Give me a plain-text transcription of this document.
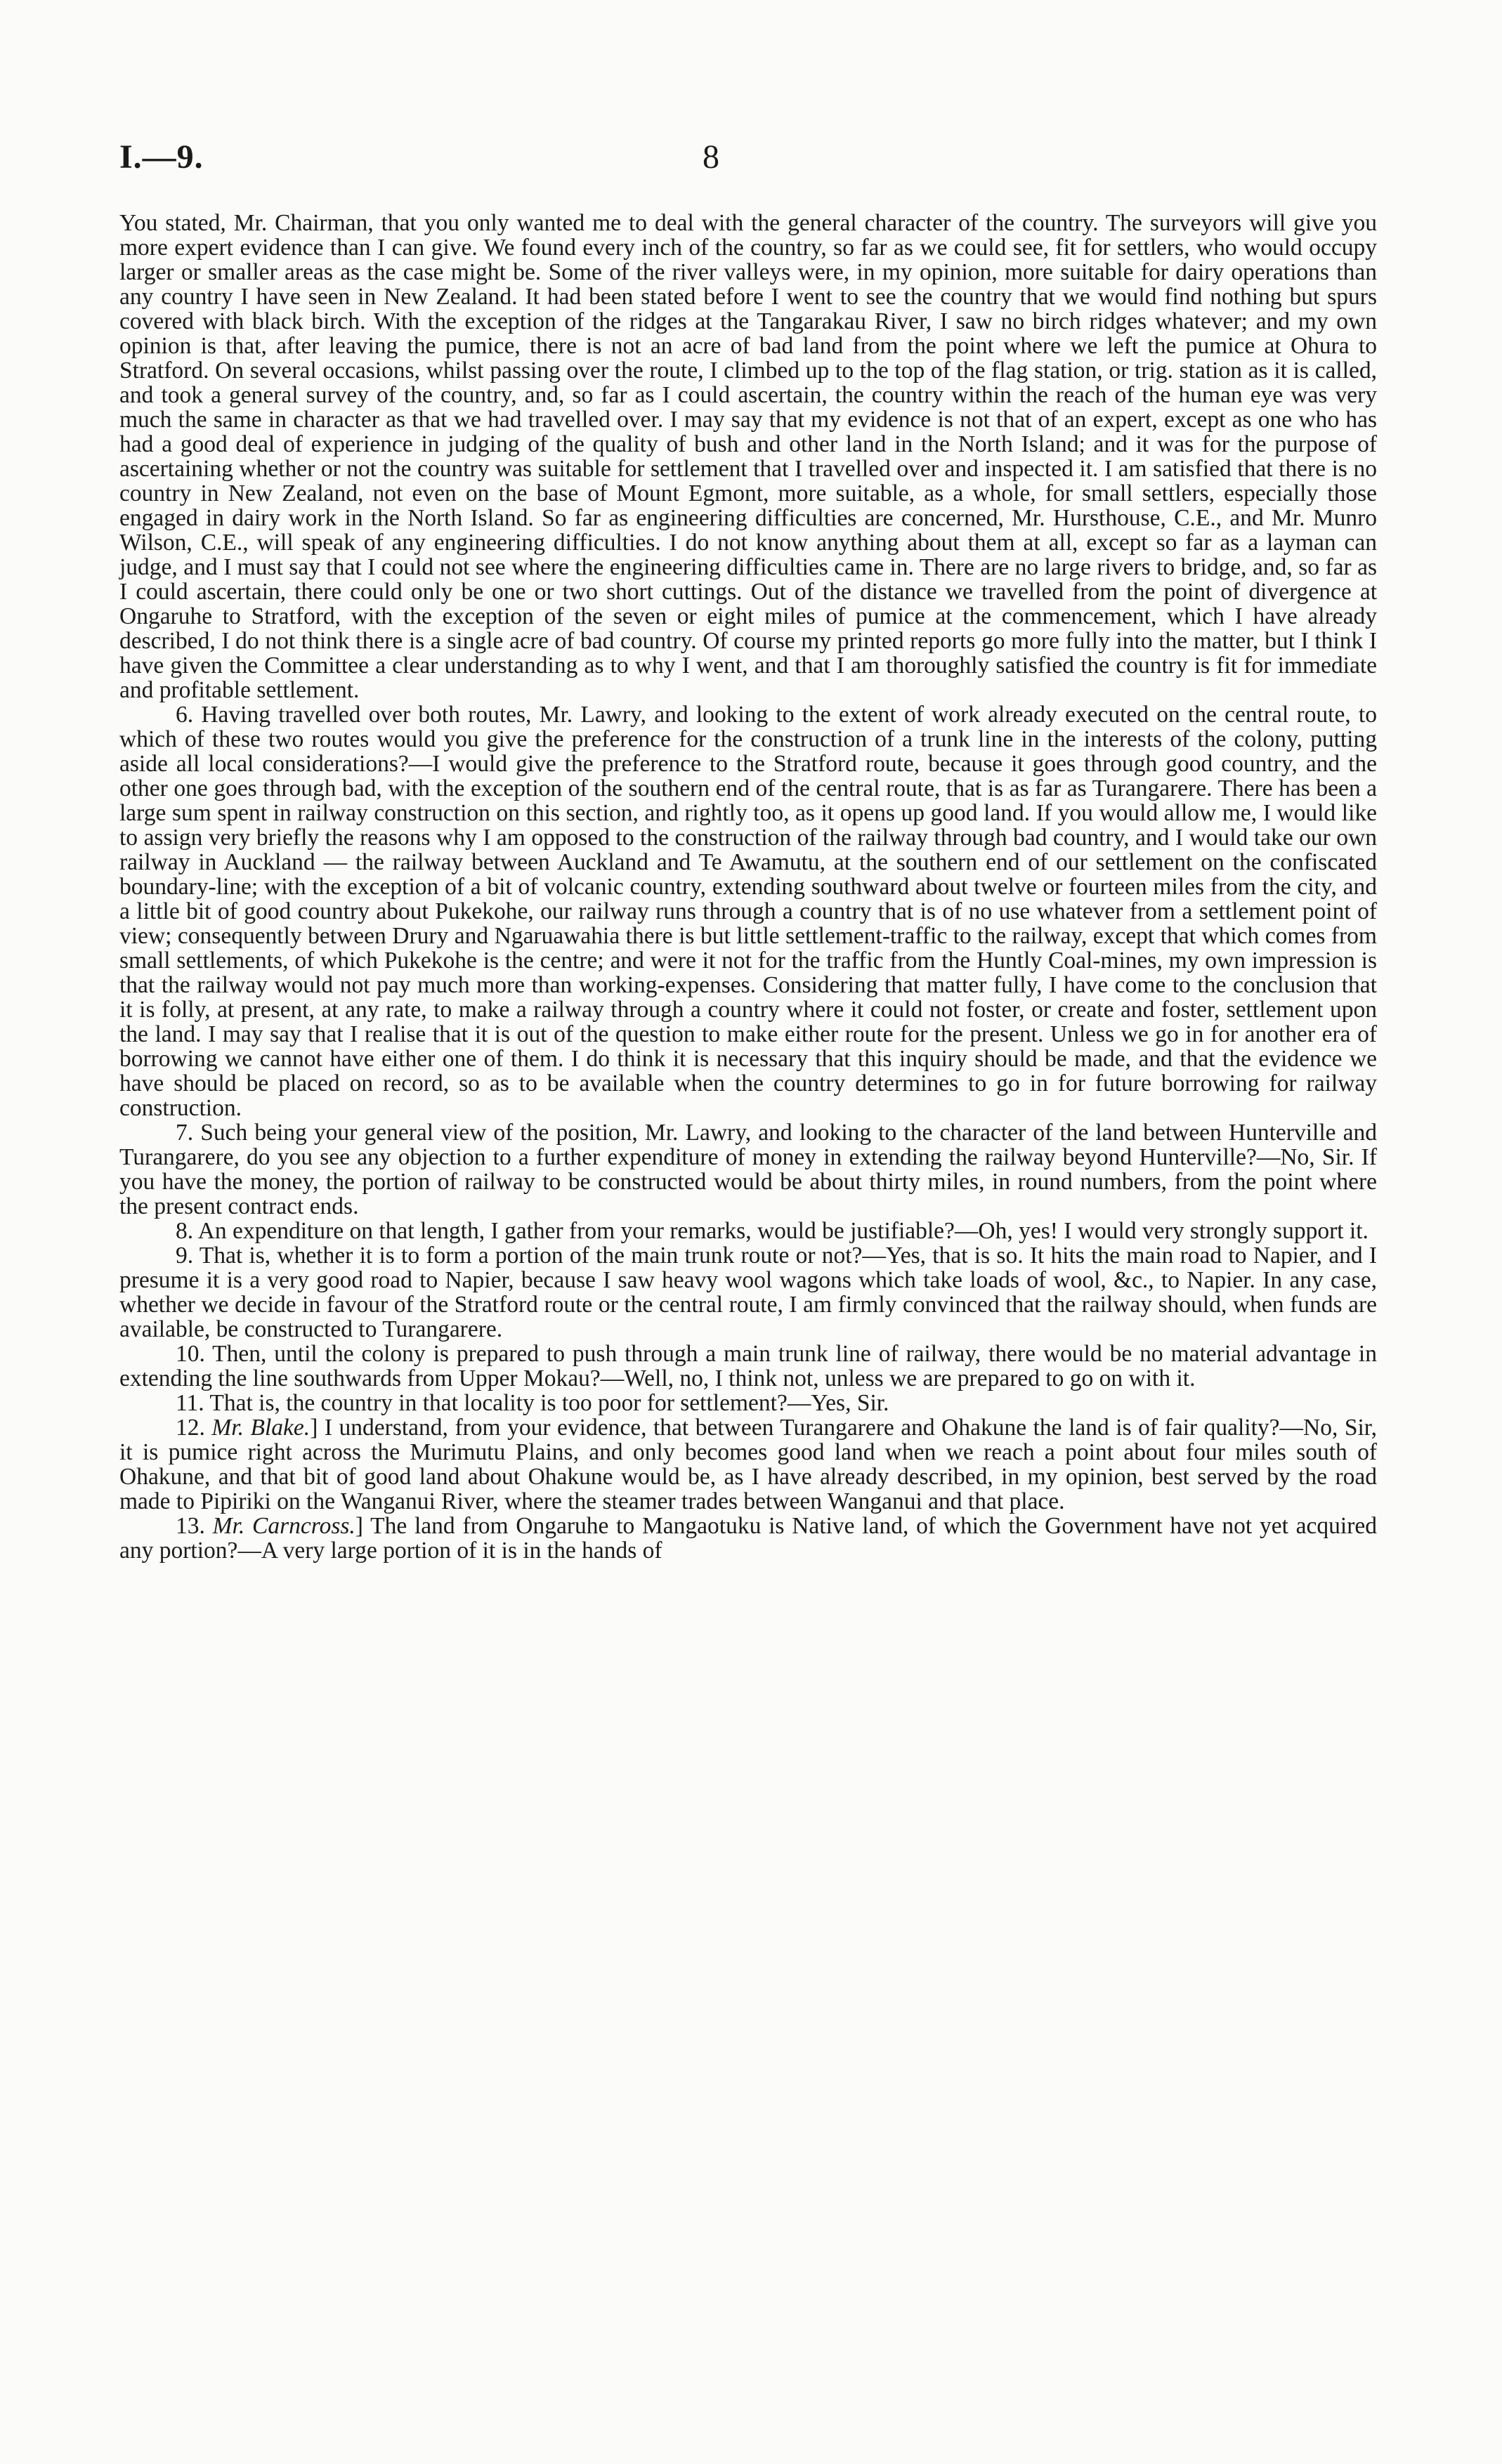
I.—9.	8

You stated, Mr. Chairman, that you only wanted me to deal with the general character of the country. The surveyors will give you more expert evidence than I can give. We found every inch of the country, so far as we could see, fit for settlers, who would occupy larger or smaller areas as the case might be. Some of the river valleys were, in my opinion, more suitable for dairy operations than any country I have seen in New Zealand. It had been stated before I went to see the country that we would find nothing but spurs covered with black birch. With the exception of the ridges at the Tangarakau River, I saw no birch ridges whatever; and my own opinion is that, after leaving the pumice, there is not an acre of bad land from the point where we left the pumice at Ohura to Stratford. On several occasions, whilst passing over the route, I climbed up to the top of the flag station, or trig. station as it is called, and took a general survey of the country, and, so far as I could ascertain, the country within the reach of the human eye was very much the same in character as that we had travelled over. I may say that my evidence is not that of an expert, except as one who has had a good deal of experience in judging of the quality of bush and other land in the North Island; and it was for the purpose of ascertaining whether or not the country was suitable for settlement that I travelled over and inspected it. I am satisfied that there is no country in New Zealand, not even on the base of Mount Egmont, more suitable, as a whole, for small settlers, especially those engaged in dairy work in the North Island. So far as engineering difficulties are concerned, Mr. Hursthouse, C.E., and Mr. Munro Wilson, C.E., will speak of any engineering difficulties. I do not know anything about them at all, except so far as a layman can judge, and I must say that I could not see where the engineering difficulties came in. There are no large rivers to bridge, and, so far as I could ascertain, there could only be one or two short cuttings. Out of the distance we travelled from the point of divergence at Ongaruhe to Stratford, with the exception of the seven or eight miles of pumice at the commencement, which I have already described, I do not think there is a single acre of bad country. Of course my printed reports go more fully into the matter, but I think I have given the Committee a clear understanding as to why I went, and that I am thoroughly satisfied the country is fit for immediate and profitable settlement.

6. Having travelled over both routes, Mr. Lawry, and looking to the extent of work already executed on the central route, to which of these two routes would you give the preference for the construction of a trunk line in the interests of the colony, putting aside all local considerations?—I would give the preference to the Stratford route, because it goes through good country, and the other one goes through bad, with the exception of the southern end of the central route, that is as far as Turangarere. There has been a large sum spent in railway construction on this section, and rightly too, as it opens up good land. If you would allow me, I would like to assign very briefly the reasons why I am opposed to the construction of the railway through bad country, and I would take our own railway in Auckland — the railway between Auckland and Te Awamutu, at the southern end of our settlement on the confiscated boundary-line; with the exception of a bit of volcanic country, extending southward about twelve or fourteen miles from the city, and a little bit of good country about Pukekohe, our railway runs through a country that is of no use whatever from a settlement point of view; consequently between Drury and Ngaruawahia there is but little settlement-traffic to the railway, except that which comes from small settlements, of which Pukekohe is the centre; and were it not for the traffic from the Huntly Coal-mines, my own impression is that the railway would not pay much more than working-expenses. Considering that matter fully, I have come to the conclusion that it is folly, at present, at any rate, to make a railway through a country where it could not foster, or create and foster, settlement upon the land. I may say that I realise that it is out of the question to make either route for the present. Unless we go in for another era of borrowing we cannot have either one of them. I do think it is necessary that this inquiry should be made, and that the evidence we have should be placed on record, so as to be available when the country determines to go in for future borrowing for railway construction.

7. Such being your general view of the position, Mr. Lawry, and looking to the character of the land between Hunterville and Turangarere, do you see any objection to a further expenditure of money in extending the railway beyond Hunterville?—No, Sir. If you have the money, the portion of railway to be constructed would be about thirty miles, in round numbers, from the point where the present contract ends.

8. An expenditure on that length, I gather from your remarks, would be justifiable?—Oh, yes! I would very strongly support it.

9. That is, whether it is to form a portion of the main trunk route or not?—Yes, that is so. It hits the main road to Napier, and I presume it is a very good road to Napier, because I saw heavy wool wagons which take loads of wool, &c., to Napier. In any case, whether we decide in favour of the Stratford route or the central route, I am firmly convinced that the railway should, when funds are available, be constructed to Turangarere.

10. Then, until the colony is prepared to push through a main trunk line of railway, there would be no material advantage in extending the line southwards from Upper Mokau?—Well, no, I think not, unless we are prepared to go on with it.

11. That is, the country in that locality is too poor for settlement?—Yes, Sir.

12. Mr. Blake.] I understand, from your evidence, that between Turangarere and Ohakune the land is of fair quality?—No, Sir, it is pumice right across the Murimutu Plains, and only becomes good land when we reach a point about four miles south of Ohakune, and that bit of good land about Ohakune would be, as I have already described, in my opinion, best served by the road made to Pipiriki on the Wanganui River, where the steamer trades between Wanganui and that place.

13. Mr. Carncross.] The land from Ongaruhe to Mangaotuku is Native land, of which the Government have not yet acquired any portion?—A very large portion of it is in the hands of
